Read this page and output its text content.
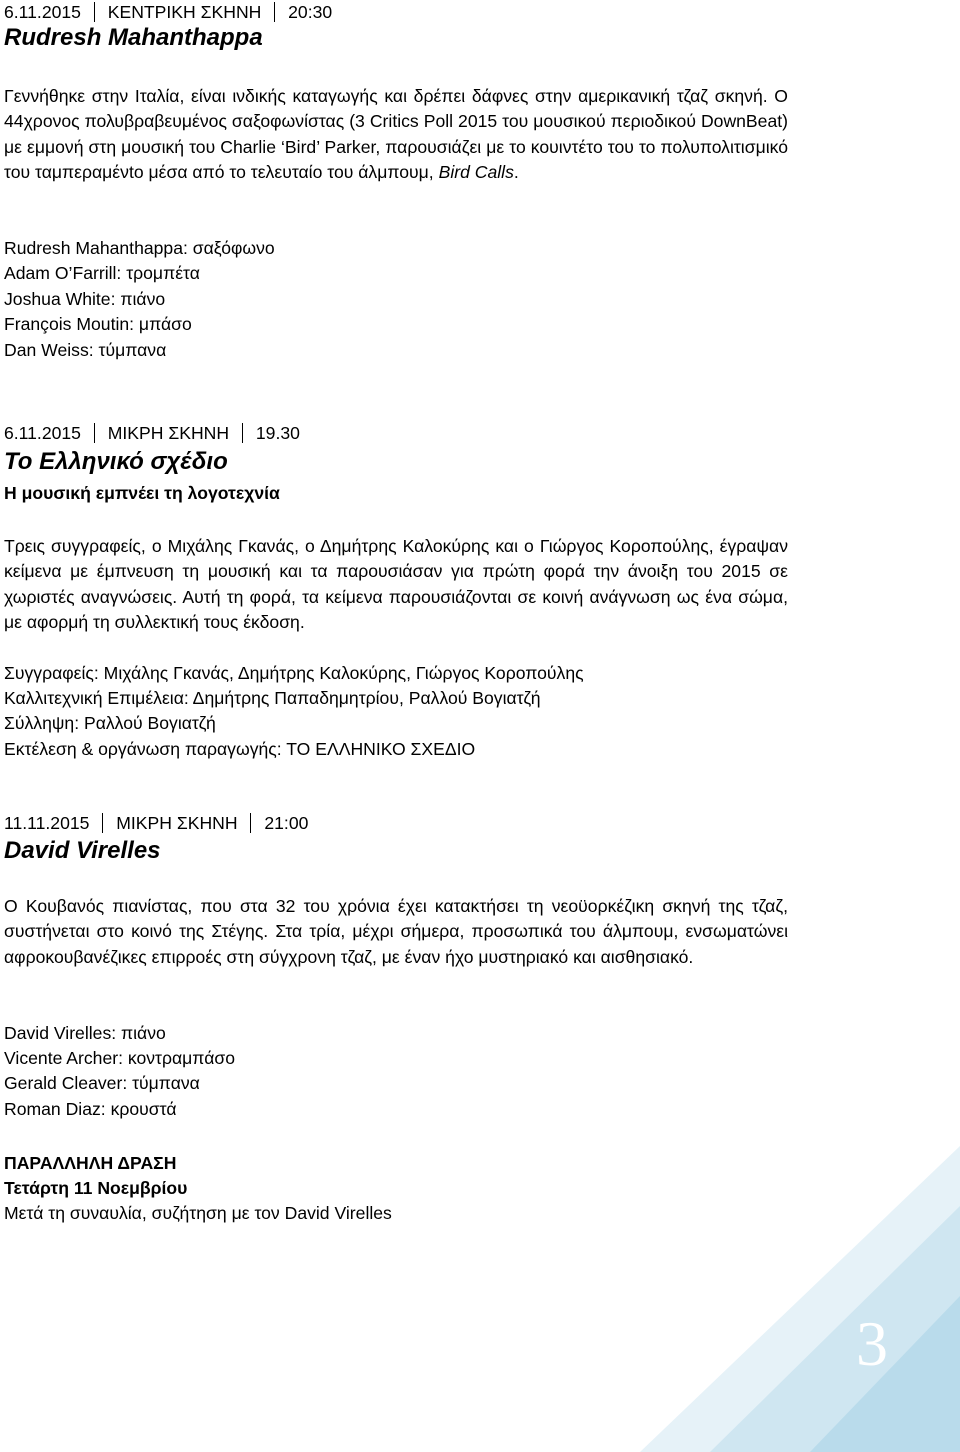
6.11.2015 ΚΕΝΤΡΙΚΗ ΣΚΗΝΗ 20:30
Rudresh Mahanthappa
Γεννήθηκε στην Ιταλία, είναι ινδικής καταγωγής και δρέπει δάφνες στην αμερικανική τζαζ σκηνή. Ο 44χρονος πολυβραβευμένος σαξοφωνίστας (3 Critics Poll 2015 του μουσικού περιοδικού DownBeat) με εμμονή στη μουσική του Charlie ‘Bird’ Parker, παρουσιάζει με το κουιντέτο του το πολυπολιτισμικό του ταμπεραμένto μέσα από το τελευταίο του άλμπουμ, Bird Calls.
Rudresh Mahanthappa: σαξόφωνο
Adam O’Farrill: τρομπέτα
Joshua White: πιάνο
François Moutin: μπάσο
Dan Weiss: τύμπανα
6.11.2015 ΜΙΚΡΗ ΣΚΗΝΗ 19.30
Το Ελληνικό σχέδιο
Η μουσική εμπνέει τη λογοτεχνία
Τρεις συγγραφείς, ο Μιχάλης Γκανάς, ο Δημήτρης Καλοκύρης και ο Γιώργος Κοροπούλης, έγραψαν κείμενα με έμπνευση τη μουσική και τα παρουσιάσαν για πρώτη φορά την άνοιξη του 2015 σε χωριστές αναγνώσεις. Αυτή τη φορά, τα κείμενα παρουσιάζονται σε κοινή ανάγνωση ως ένα σώμα, με αφορμή τη συλλεκτική τους έκδοση.
Συγγραφείς: Μιχάλης Γκανάς, Δημήτρης Καλοκύρης, Γιώργος Κοροπούλης
Καλλιτεχνική Επιμέλεια: Δημήτρης Παπαδημητρίου, Ραλλού Βογιατζή
Σύλληψη: Ραλλού Βογιατζή
Εκτέλεση & οργάνωση παραγωγής: ΤΟ ΕΛΛΗΝΙΚΟ ΣΧΕΔΙΟ
11.11.2015 ΜΙΚΡΗ ΣΚΗΝΗ 21:00
David Virelles
Ο Κουβανός πιανίστας, που στα 32 του χρόνια έχει κατακτήσει τη νεοϋορκέζικη σκηνή της τζαζ, συστήνεται στο κοινό της Στέγης. Στα τρία, μέχρι σήμερα, προσωπικά του άλμπουμ, ενσωματώνει αφροκουβανέζικες επιρροές στη σύγχρονη τζαζ, με έναν ήχο μυστηριακό και αισθησιακό.
David Virelles: πιάνο
Vicente Archer: κοντραμπάσο
Gerald Cleaver: τύμπανα
Roman Diaz: κρουστά
ΠΑΡΑΛΛΗΛΗ ΔΡΑΣΗ
Τετάρτη 11 Νοεμβρίου
Μετά τη συναυλία, συζήτηση με τον David Virelles
3
